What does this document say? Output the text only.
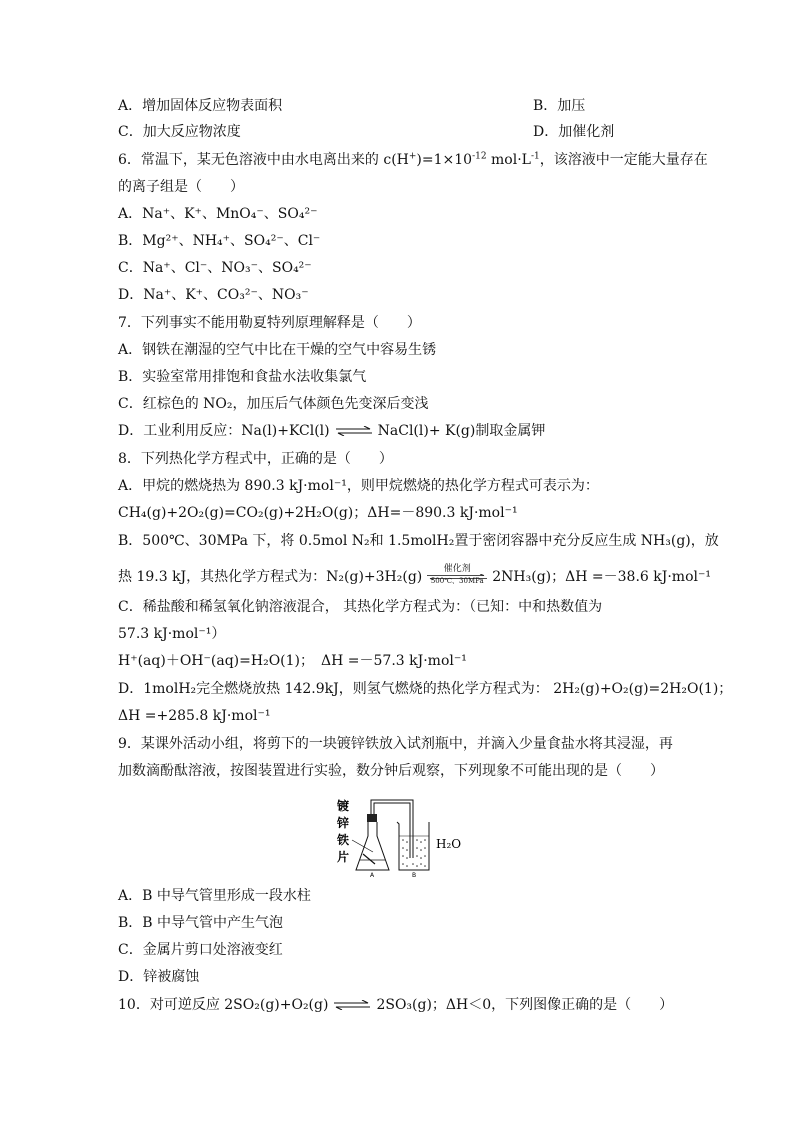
A．增加固体反应物表面积	B．加压
C．加大反应物浓度	D．加催化剂
6．常温下，某无色溶液中由水电离出来的 $c(H^+)=1\times 10^{-12}$ $mol\cdot L^{-1}$，该溶液中一定能大量存在
的离子组是（　　）
A．Na⁺、K⁺、MnO₄⁻、SO₄²⁻
B．Mg²⁺、NH₄⁺、SO₄²⁻、Cl⁻
C．Na⁺、Cl⁻、NO₃⁻、SO₄²⁻
D．Na⁺、K⁺、CO₃²⁻、NO₃⁻
7．下列事实不能用勒夏特列原理解释是（　　）
A．钢铁在潮湿的空气中比在干燥的空气中容易生锈
B．实验室常用排饱和食盐水法收集氯气
C．红棕色的 NO₂，加压后气体颜色先变深后变浅
D．工业利用反应：Na(l)+KCl(l) ⇌ NaCl(l)+ K(g)制取金属钾
8．下列热化学方程式中，正确的是（　　）
A．甲烷的燃烧热为 890.3 kJ·mol⁻¹，则甲烷燃烧的热化学方程式可表示为：
CH₄(g)+2O₂(g)=CO₂(g)+2H₂O(g)；ΔH=－890.3 kJ·mol⁻¹
B．500℃、30MPa 下，将 0.5mol N₂和 1.5molH₂置于密闭容器中充分反应生成 NH₃(g)，放
热 19.3 kJ，其热化学方程式为：N₂(g)+3H₂(g)	催化剂
500℃、30MPa 2NH₃(g)；ΔH =－38.6 kJ·mol⁻¹
C．稀盐酸和稀氢氧化钠溶液混合， 其热化学方程式为：（已知：中和热数值为
57.3 kJ·mol⁻¹）
H⁺(aq)＋OH⁻(aq)=H₂O(1)；　ΔH =－57.3 kJ·mol⁻¹
D．1molH₂完全燃烧放热 142.9kJ，则氢气燃烧的热化学方程式为： 2H₂(g)+O₂(g)=2H₂O(1)；
ΔH =+285.8 kJ·mol⁻¹
9．某课外活动小组，将剪下的一块镀锌铁放入试剂瓶中，并滴入少量食盐水将其浸湿，再
加数滴酚酞溶液，按图装置进行实验，数分钟后观察，下列现象不可能出现的是（　　）
镀
锌
铁
片
H₂O
A	B
A．B 中导气管里形成一段水柱
B．B 中导气管中产生气泡
C．金属片剪口处溶液变红
D．锌被腐蚀
10．对可逆反应 2SO₂(g)+O₂(g) ⇌ 2SO₃(g)；ΔH＜0，下列图像正确的是（　　）
